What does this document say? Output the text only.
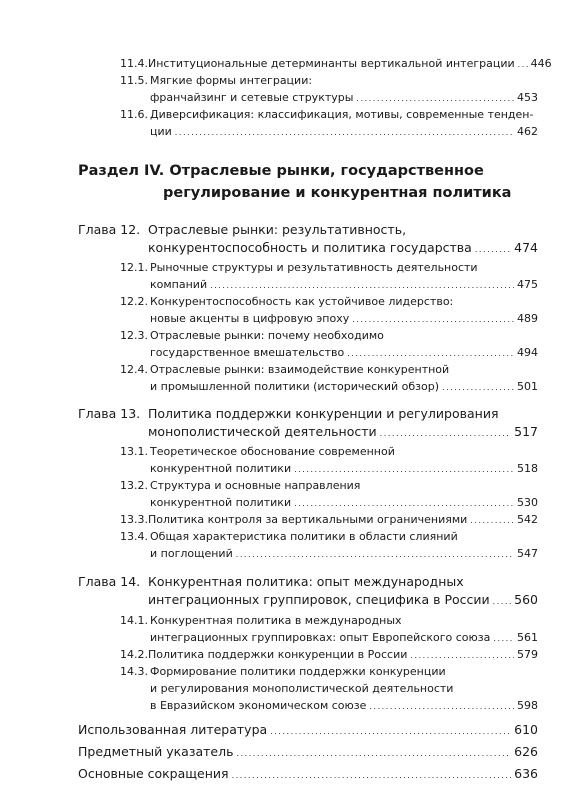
11.4. Институциональные детерминанты вертикальной интеграции . . . 446
11.5. Мягкие формы интеграции:
франчайзинг и сетевые структуры . . .	453
11.6. Диверсификация: классификация, мотивы, современные тенден-
ции . . .	462
Раздел IV. Отраслевые рынки, государственное
регулирование и конкурентная политика
Глава 12. Отраслевые рынки: результативность,
конкурентоспособность и политика государства . . .	474
12.1. Рыночные структуры и результативность деятельности
компаний . . .	475
12.2. Конкурентоспособность как устойчивое лидерство:
новые акценты в цифровую эпоху . . .	489
12.3. Отраслевые рынки: почему необходимо
государственное вмешательство . . .	494
12.4. Отраслевые рынки: взаимодействие конкурентной
и промышленной политики (исторический обзор) . . .	501
Глава 13. Политика поддержки конкуренции и регулирования
монополистической деятельности . . .	517
13.1. Теоретическое обоснование современной
конкурентной политики . . .	518
13.2. Структура и основные направления
конкурентной политики . . .	530
13.3. Политика контроля за вертикальными ограничениями . . .	542
13.4. Общая характеристика политики в области слияний
и поглощений . . .	547
Глава 14. Конкурентная политика: опыт международных
интеграционных группировок, специфика в России . . . 560
14.1. Конкурентная политика в международных
интеграционных группировках: опыт Европейского союза . . . 561
14.2. Политика поддержки конкуренции в России . . .	579
14.3. Формирование политики поддержки конкуренции
и регулирования монополистической деятельности
в Евразийском экономическом союзе . . .	598
Использованная литература . . .	610
Предметный указатель . . .	626
Основные сокращения . . .	636
